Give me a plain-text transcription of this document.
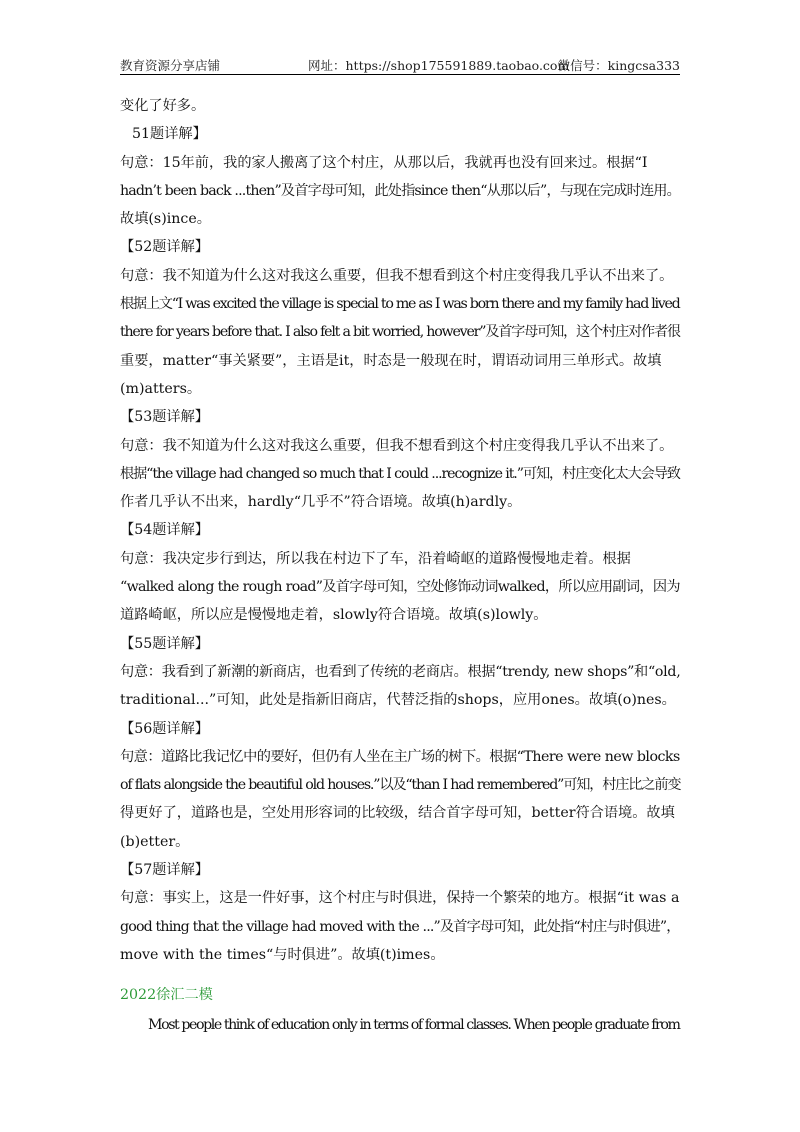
教育资源分享店铺	网址：https://shop175591889.taobao.com
微信号：kingcsa333
变化了好多。
51题详解】
句意：15年前，我的家人搬离了这个村庄，从那以后，我就再也没有回来过。根据“I
hadn’t been back ...then”及首字母可知，此处指since then“从那以后”，与现在完成时连用。
故填(s)ince。
【52题详解】
句意：我不知道为什么这对我这么重要，但我不想看到这个村庄变得我几乎认不出来了。
根据上文“I was excited the village is special to me as I was born there and my family had lived
there for years before that. I also felt a bit worried, however”及首字母可知，这个村庄对作者很
重要，matter“事关紧要”，主语是it，时态是一般现在时，谓语动词用三单形式。故填
(m)atters。
【53题详解】
句意：我不知道为什么这对我这么重要，但我不想看到这个村庄变得我几乎认不出来了。
根据“the village had changed so much that I could ...recognize it.”可知，村庄变化太大会导致
作者几乎认不出来，hardly“几乎不”符合语境。故填(h)ardly。
【54题详解】
句意：我决定步行到达，所以我在村边下了车，沿着崎岖的道路慢慢地走着。根据
“walked along the rough road”及首字母可知，空处修饰动词walked，所以应用副词，因为
道路崎岖，所以应是慢慢地走着，slowly符合语境。故填(s)lowly。
【55题详解】
句意：我看到了新潮的新商店，也看到了传统的老商店。根据“trendy, new shops”和“old,
traditional...”可知，此处是指新旧商店，代替泛指的shops，应用ones。故填(o)nes。
【56题详解】
句意：道路比我记忆中的要好，但仍有人坐在主广场的树下。根据“There were new blocks
of flats alongside the beautiful old houses.”以及“than I had remembered”可知，村庄比之前变
得更好了，道路也是，空处用形容词的比较级，结合首字母可知，better符合语境。故填
(b)etter。
【57题详解】
句意：事实上，这是一件好事，这个村庄与时俱进，保持一个繁荣的地方。根据“it was a
good thing that the village had moved with the ...”及首字母可知，此处指“村庄与时俱进”，
move with the times“与时俱进”。故填(t)imes。
2022徐汇二模
Most people think of education only in terms of formal classes. When people graduate from
